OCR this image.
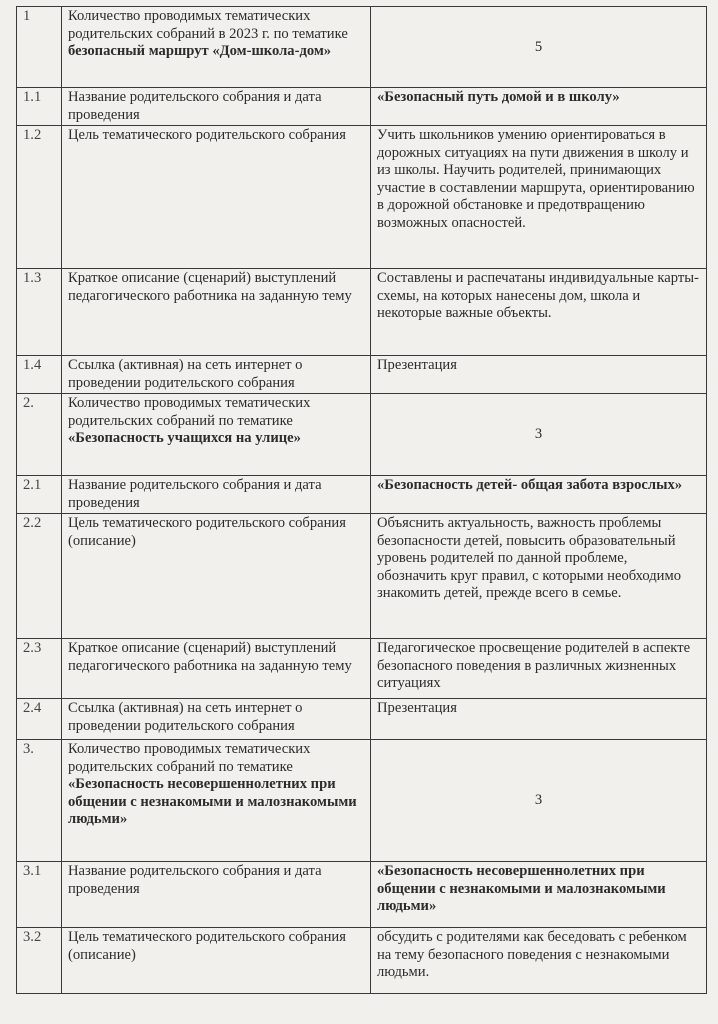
1	Количество проводимых тематических родительских собраний в 2023 г. по тематике безопасный маршрут «Дом-школа-дом»	5
1.1	Название родительского собрания и дата проведения	«Безопасный путь домой и в школу»
1.2	Цель тематического родительского собрания	Учить школьников умению ориентироваться в дорожных ситуациях на пути движения в школу и из школы. Научить родителей, принимающих участие в составлении маршрута, ориентированию в дорожной обстановке и предотвращению возможных опасностей.
1.3	Краткое описание (сценарий) выступлений педагогического работника на заданную тему	Составлены и распечатаны индивидуальные карты- схемы, на которых нанесены дом, школа и некоторые важные объекты.
1.4	Ссылка (активная) на сеть интернет о проведении родительского собрания	Презентация
2.	Количество проводимых тематических родительских собраний по тематике «Безопасность учащихся на улице»	3
2.1	Название родительского собрания и дата проведения	«Безопасность детей- общая забота взрослых»
2.2	Цель тематического родительского собрания (описание)	Объяснить актуальность, важность проблемы безопасности детей, повысить образовательный уровень родителей по данной проблеме, обозначить круг правил, с которыми необходимо знакомить детей, прежде всего в семье.
2.3	Краткое описание (сценарий) выступлений педагогического работника на заданную тему	Педагогическое просвещение родителей в аспекте безопасного поведения в различных жизненных ситуациях
2.4	Ссылка (активная) на сеть интернет о проведении родительского собрания	Презентация
3.	Количество проводимых тематических родительских собраний по тематике «Безопасность несовершеннолетних при общении с незнакомыми и малознакомыми людьми»	3
3.1	Название родительского собрания и дата проведения	«Безопасность несовершеннолетних при общении с незнакомыми и малознакомыми людьми»
3.2	Цель тематического родительского собрания (описание)	обсудить с родителями как беседовать с ребенком на тему безопасного поведения с незнакомыми людьми.
